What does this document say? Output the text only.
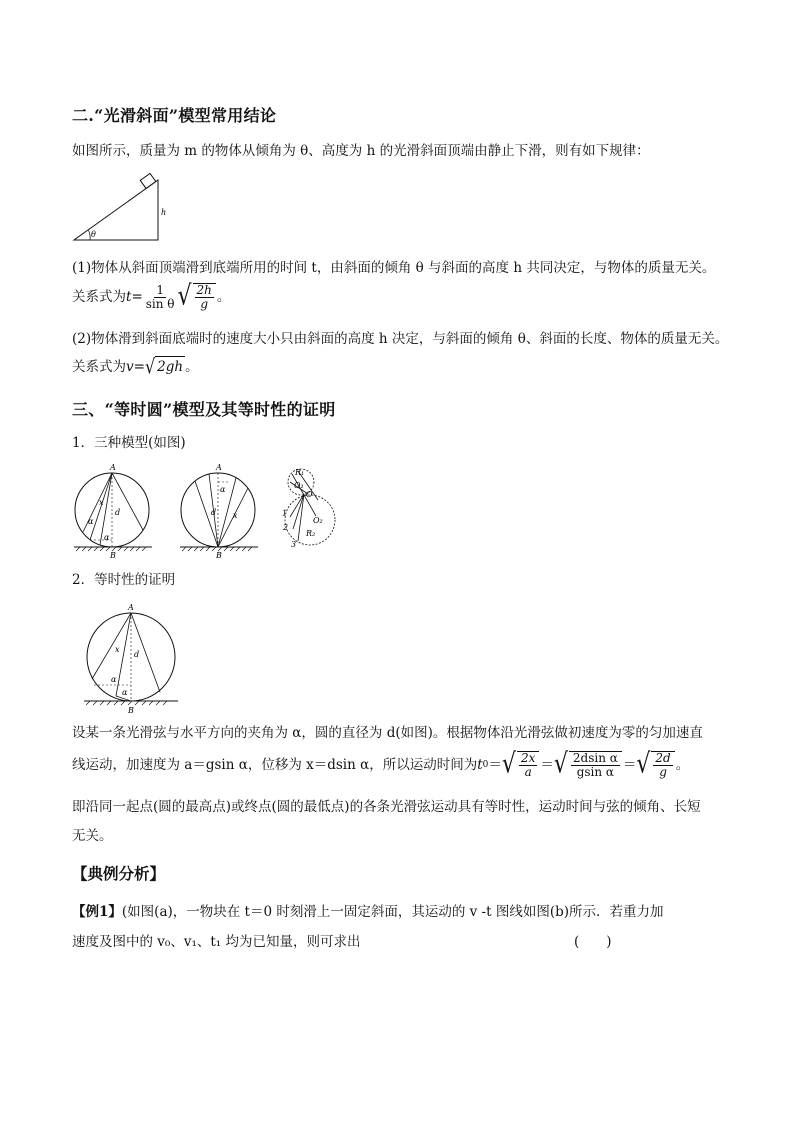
二.“光滑斜面”模型常用结论
如图所示，质量为 m 的物体从倾角为 θ、高度为 h 的光滑斜面顶端由静止下滑，则有如下规律：
θ
h
(1)物体从斜面顶端滑到底端所用的时间 t，由斜面的倾角 θ 与斜面的高度 h 共同决定，与物体的质量无关。
关系式为 $t = \frac{1}{\text{sin θ}}$ √ $\frac{2h}{g}$ 。
(2)物体滑到斜面底端时的速度大小只由斜面的高度 h 决定，与斜面的倾角 θ、斜面的长度、物体的质量无关。
关系式为 v = √ 2gh 。
三、“等时圆”模型及其等时性的证明
1．三种模型(如图)
A
B
x
d
α
α
A
B
x
d
α
R₁
O₁
O₂
R₂
O
1
2
3
2．等时性的证明
A
B
x
d
α
α
设某一条光滑弦与水平方向的夹角为 α，圆的直径为 d(如图)。根据物体沿光滑弦做初速度为零的匀加速直
线运动，加速度为 a＝gsin α，位移为 x＝dsin α，所以运动时间为 t 0 ＝ √ $\frac{2x}{a}$ ＝ √ $\frac{\text{2dsin α}}{\text{gsin α}}$ ＝ √ $\frac{2d}{g}$ 。
即沿同一起点(圆的最高点)或终点(圆的最低点)的各条光滑弦运动具有等时性，运动时间与弦的倾角、长短
无关。
【典例分析】
【例1】(如图(a)，一物块在 t＝0 时刻滑上一固定斜面，其运动的 v -t 图线如图(b)所示．若重力加
速度及图中的 v₀、v₁、t₁ 均为已知量，则可求出	(　　)
